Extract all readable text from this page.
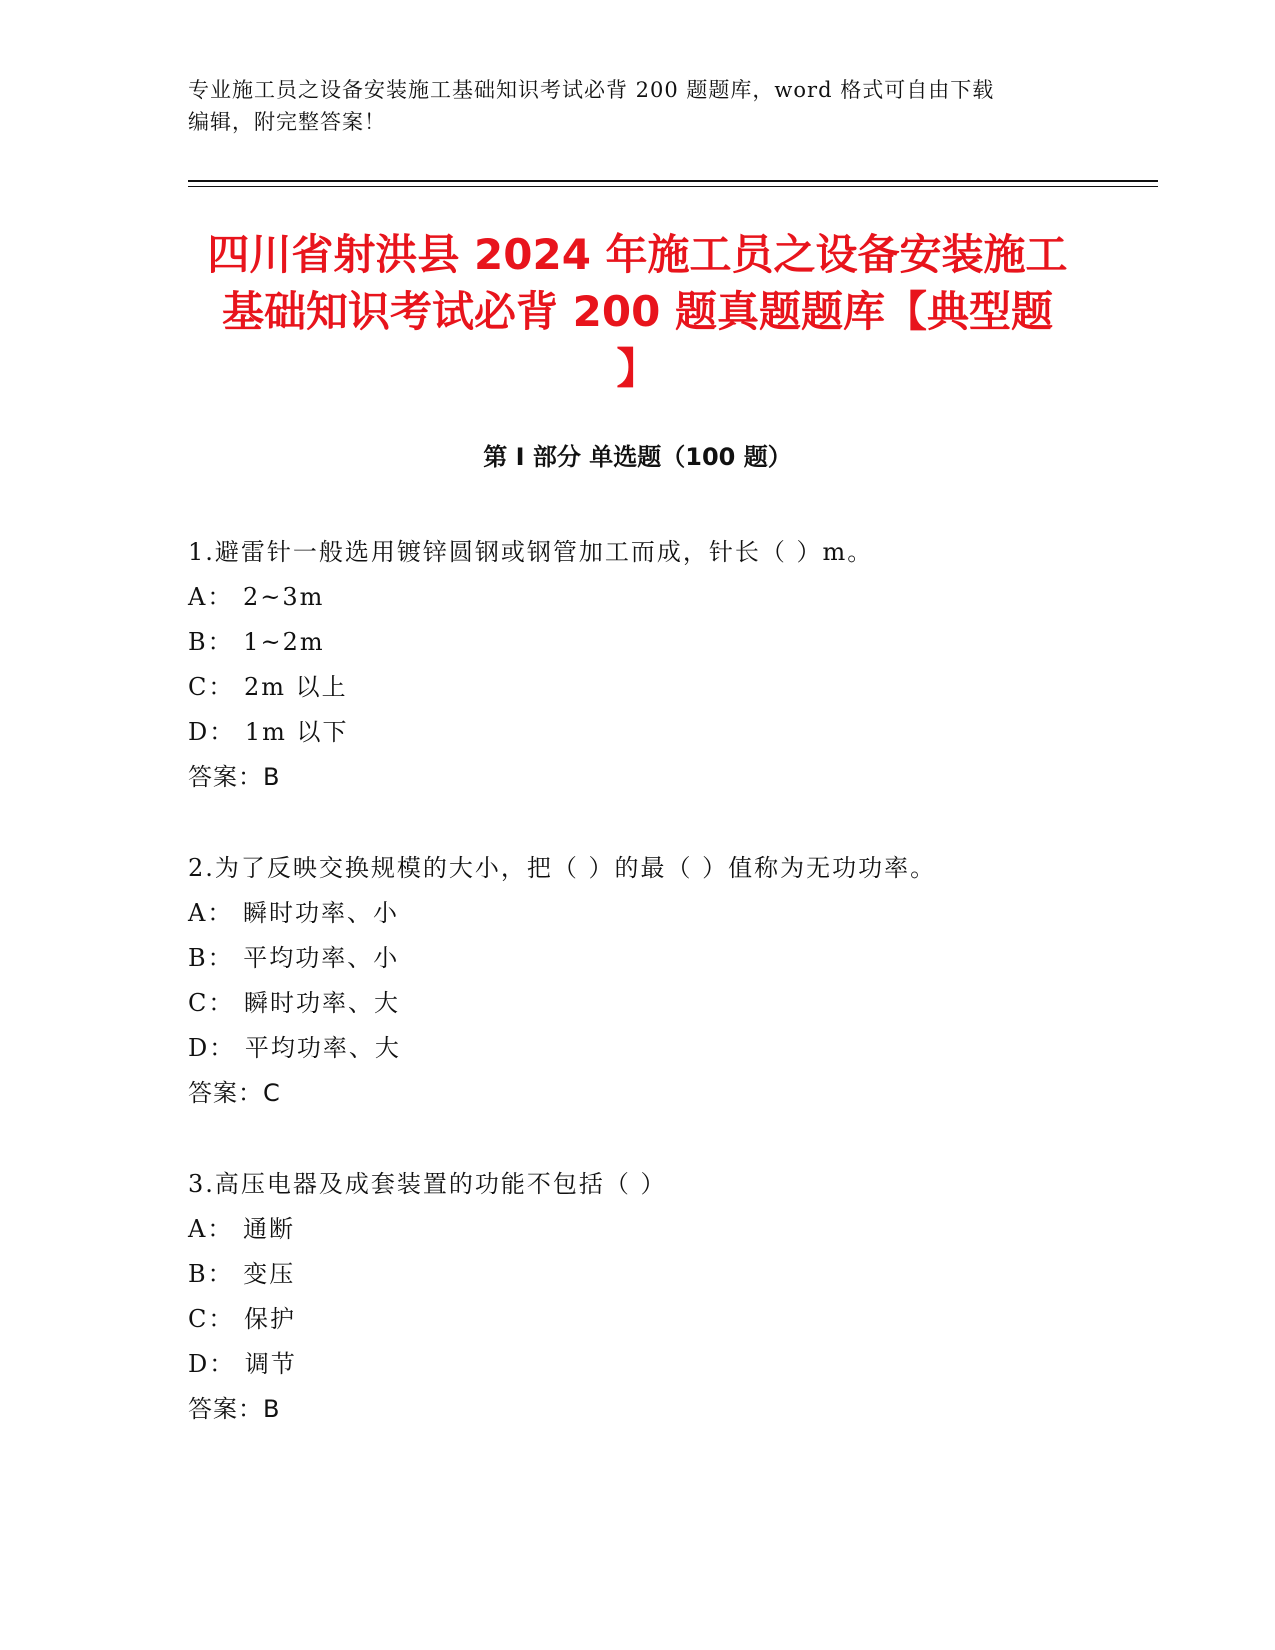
专业施工员之设备安装施工基础知识考试必背 200 题题库，word 格式可自由下载
编辑，附完整答案！
四川省射洪县 2024 年施工员之设备安装施工
基础知识考试必背 200 题真题题库【典型题
】
第 I 部分 单选题（100 题）
1.避雷针一般选用镀锌圆钢或钢管加工而成，针长（ ）m。
A： 2~3m
B： 1~2m
C： 2m 以上
D： 1m 以下
答案：B
2.为了反映交换规模的大小，把（ ）的最（ ）值称为无功功率。
A： 瞬时功率、小
B： 平均功率、小
C： 瞬时功率、大
D： 平均功率、大
答案：C
3.高压电器及成套装置的功能不包括（ ）
A： 通断
B： 变压
C： 保护
D： 调节
答案：B
